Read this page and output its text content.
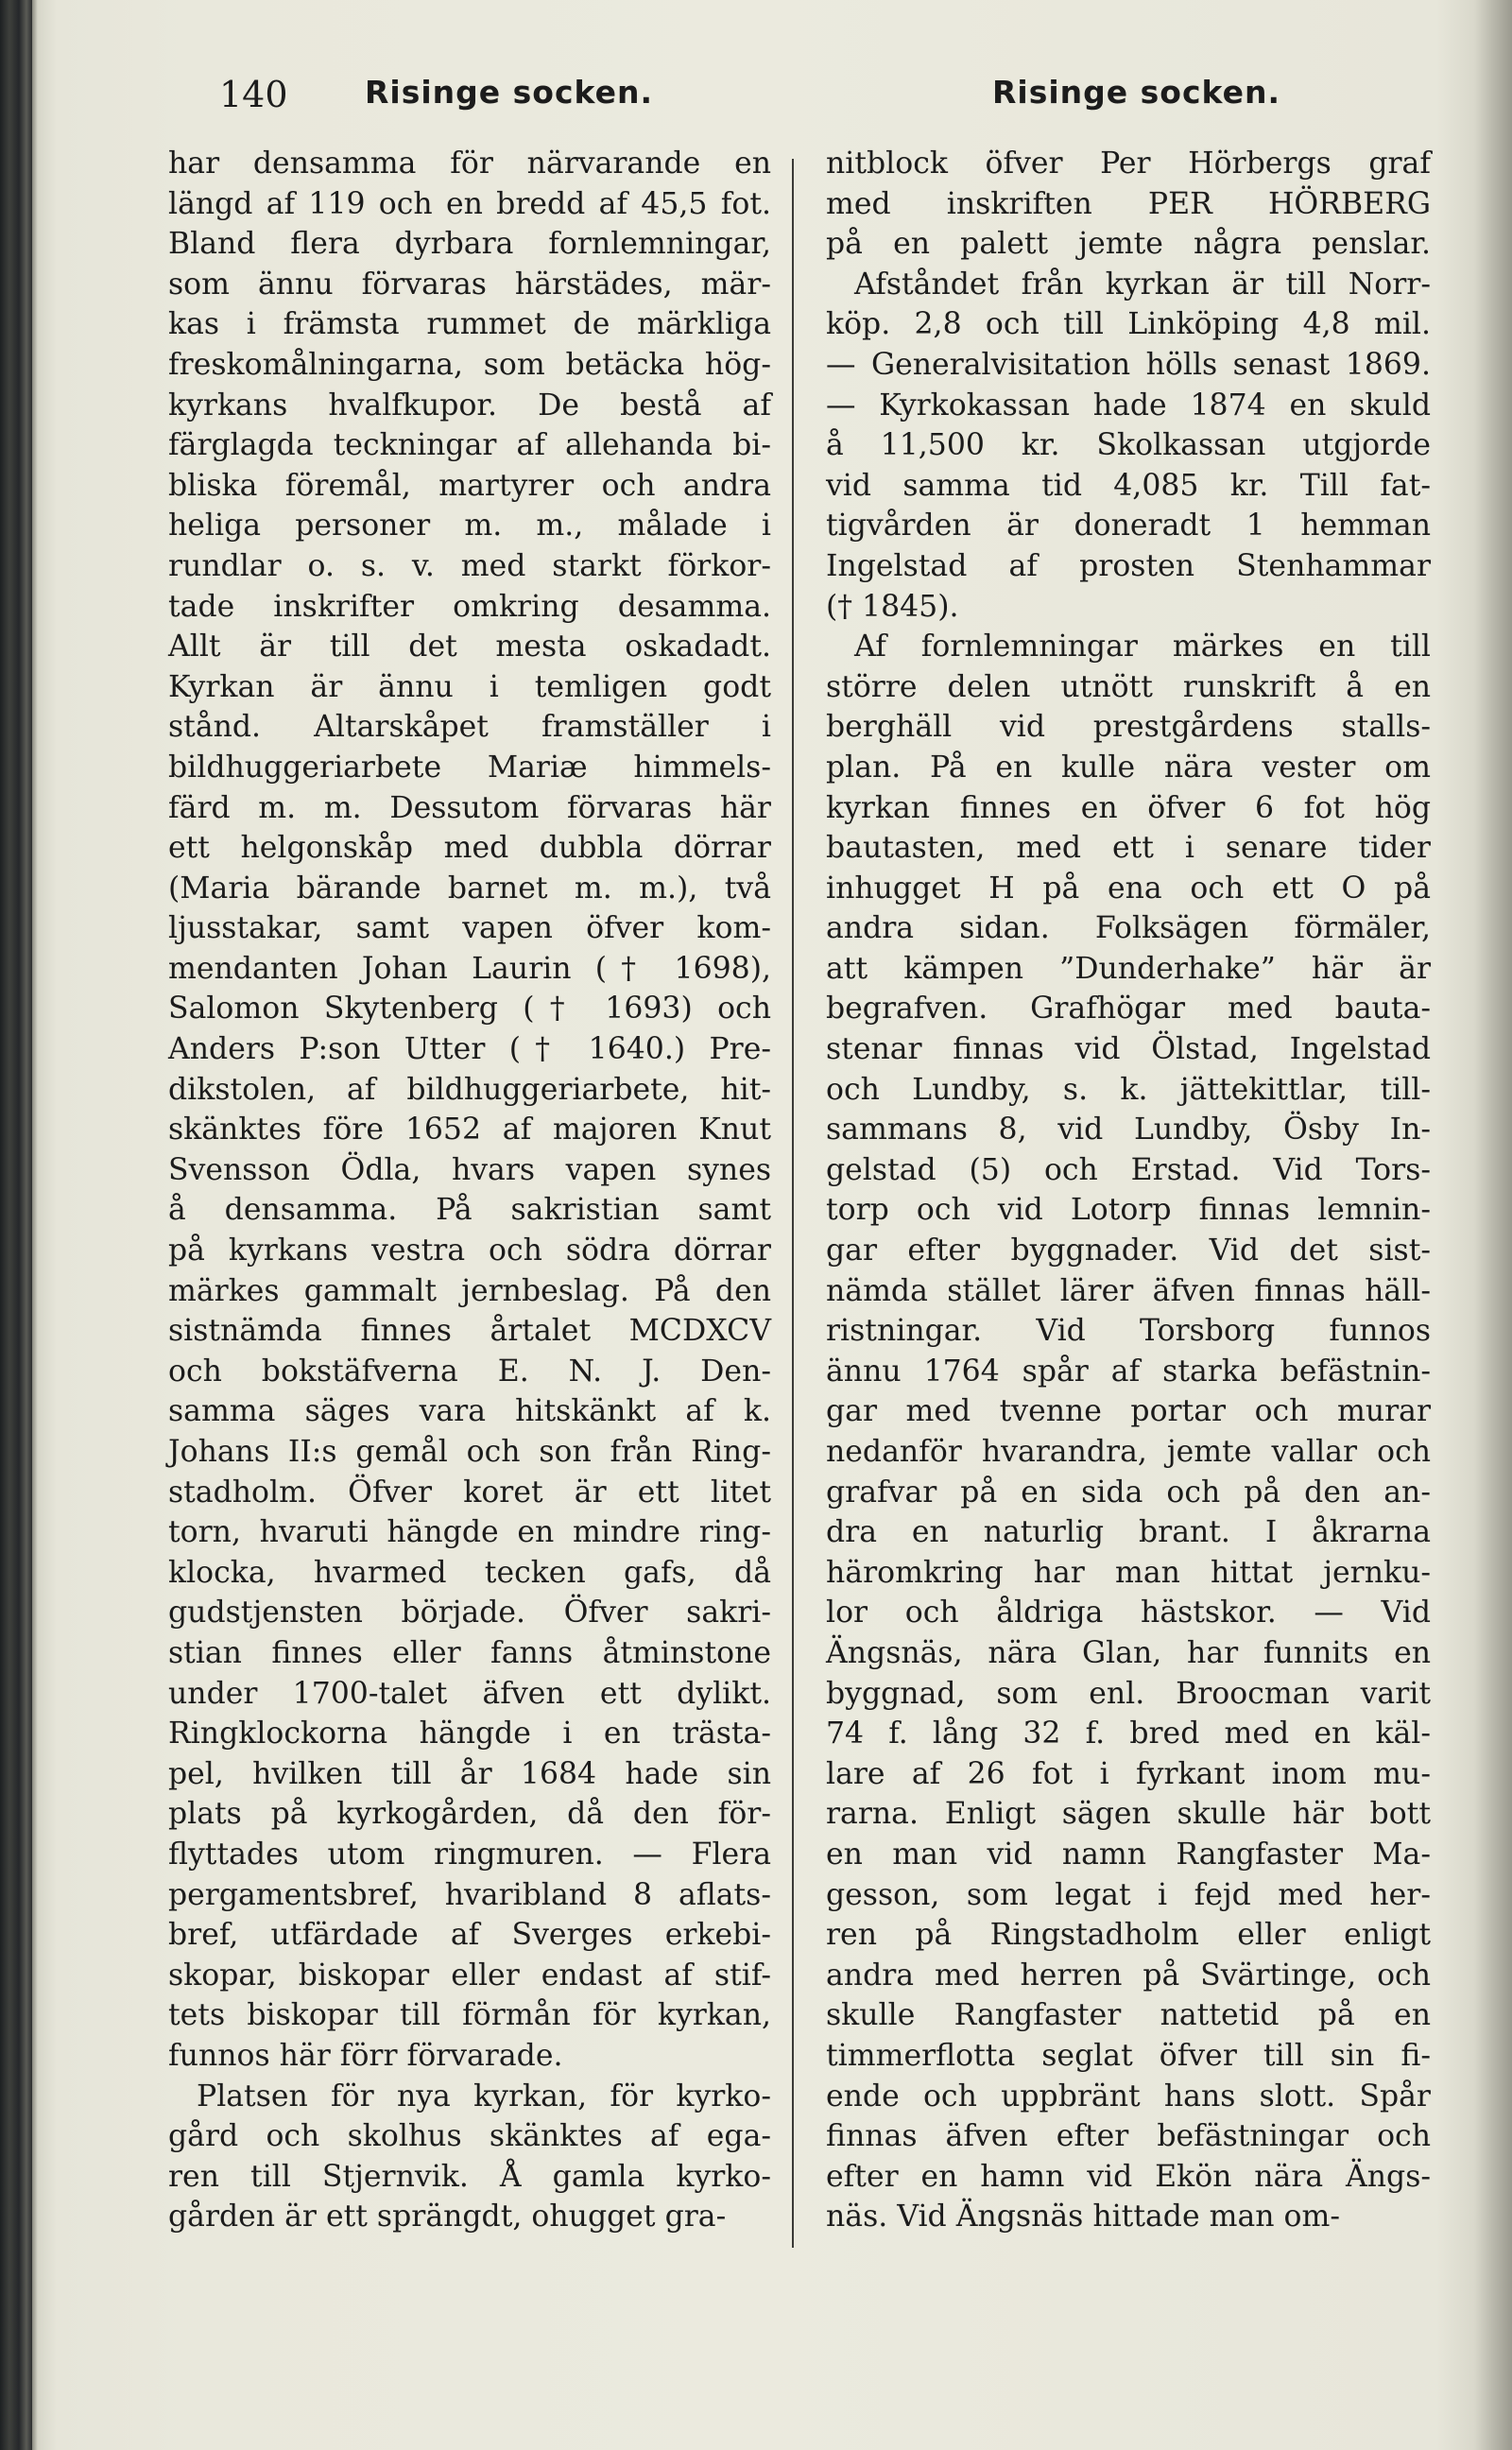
140 Risinge socken.	Risinge socken.
har densamma för närvarande en
längd af 119 och en bredd af 45,5 fot.
Bland flera dyrbara fornlemningar,
som ännu förvaras härstädes, mär-
kas i främsta rummet de märkliga
freskomålningarna, som betäcka hög-
kyrkans hvalfkupor. De bestå af
färglagda teckningar af allehanda bi-
bliska föremål, martyrer och andra
heliga personer m. m., målade i
rundlar o. s. v. med starkt förkor-
tade inskrifter omkring desamma.
Allt är till det mesta oskadadt.
Kyrkan är ännu i temligen godt
stånd. Altarskåpet framställer i
bildhuggeriarbete Mariæ himmels-
färd m. m. Dessutom förvaras här
ett helgonskåp med dubbla dörrar
(Maria bärande barnet m. m.), två
ljusstakar, samt vapen öfver kom-
mendanten Johan Laurin († 1698),
Salomon Skytenberg († 1693) och
Anders P:son Utter († 1640.) Pre-
dikstolen, af bildhuggeriarbete, hit-
skänktes före 1652 af majoren Knut
Svensson Ödla, hvars vapen synes
å densamma. På sakristian samt
på kyrkans vestra och södra dörrar
märkes gammalt jernbeslag. På den
sistnämda finnes årtalet MCDXCV
och bokstäfverna E. N. J. Den-
samma säges vara hitskänkt af k.
Johans II:s gemål och son från Ring-
stadholm. Öfver koret är ett litet
torn, hvaruti hängde en mindre ring-
klocka, hvarmed tecken gafs, då
gudstjensten började. Öfver sakri-
stian finnes eller fanns åtminstone
under 1700-talet äfven ett dylikt.
Ringklockorna hängde i en trästa-
pel, hvilken till år 1684 hade sin
plats på kyrkogården, då den för-
flyttades utom ringmuren. — Flera
pergamentsbref, hvaribland 8 aflats-
bref, utfärdade af Sverges erkebi-
skopar, biskopar eller endast af stif-
tets biskopar till förmån för kyrkan,
funnos här förr förvarade.
Platsen för nya kyrkan, för kyrko-
gård och skolhus skänktes af ega-
ren till Stjernvik. Å gamla kyrko-
gården är ett sprängdt, ohugget gra-
nitblock öfver Per Hörbergs graf
med inskriften PER HÖRBERG
på en palett jemte några penslar.
Afståndet från kyrkan är till Norr-
köp. 2,8 och till Linköping 4,8 mil.
— Generalvisitation hölls senast 1869.
— Kyrkokassan hade 1874 en skuld
å 11,500 kr. Skolkassan utgjorde
vid samma tid 4,085 kr. Till fat-
tigvården är doneradt 1 hemman
Ingelstad af prosten Stenhammar
(† 1845).
Af fornlemningar märkes en till
större delen utnött runskrift å en
berghäll vid prestgårdens stalls-
plan. På en kulle nära vester om
kyrkan finnes en öfver 6 fot hög
bautasten, med ett i senare tider
inhugget H på ena och ett O på
andra sidan. Folksägen förmäler,
att kämpen ”Dunderhake” här är
begrafven. Grafhögar med bauta-
stenar finnas vid Ölstad, Ingelstad
och Lundby, s. k. jättekittlar, till-
sammans 8, vid Lundby, Ösby In-
gelstad (5) och Erstad. Vid Tors-
torp och vid Lotorp finnas lemnin-
gar efter byggnader. Vid det sist-
nämda stället lärer äfven finnas häll-
ristningar. Vid Torsborg funnos
ännu 1764 spår af starka befästnin-
gar med tvenne portar och murar
nedanför hvarandra, jemte vallar och
grafvar på en sida och på den an-
dra en naturlig brant. I åkrarna
häromkring har man hittat jernku-
lor och åldriga hästskor. — Vid
Ängsnäs, nära Glan, har funnits en
byggnad, som enl. Broocman varit
74 f. lång 32 f. bred med en käl-
lare af 26 fot i fyrkant inom mu-
rarna. Enligt sägen skulle här bott
en man vid namn Rangfaster Ma-
gesson, som legat i fejd med her-
ren på Ringstadholm eller enligt
andra med herren på Svärtinge, och
skulle Rangfaster nattetid på en
timmerflotta seglat öfver till sin fi-
ende och uppbränt hans slott. Spår
finnas äfven efter befästningar och
efter en hamn vid Ekön nära Ängs-
näs. Vid Ängsnäs hittade man om-
